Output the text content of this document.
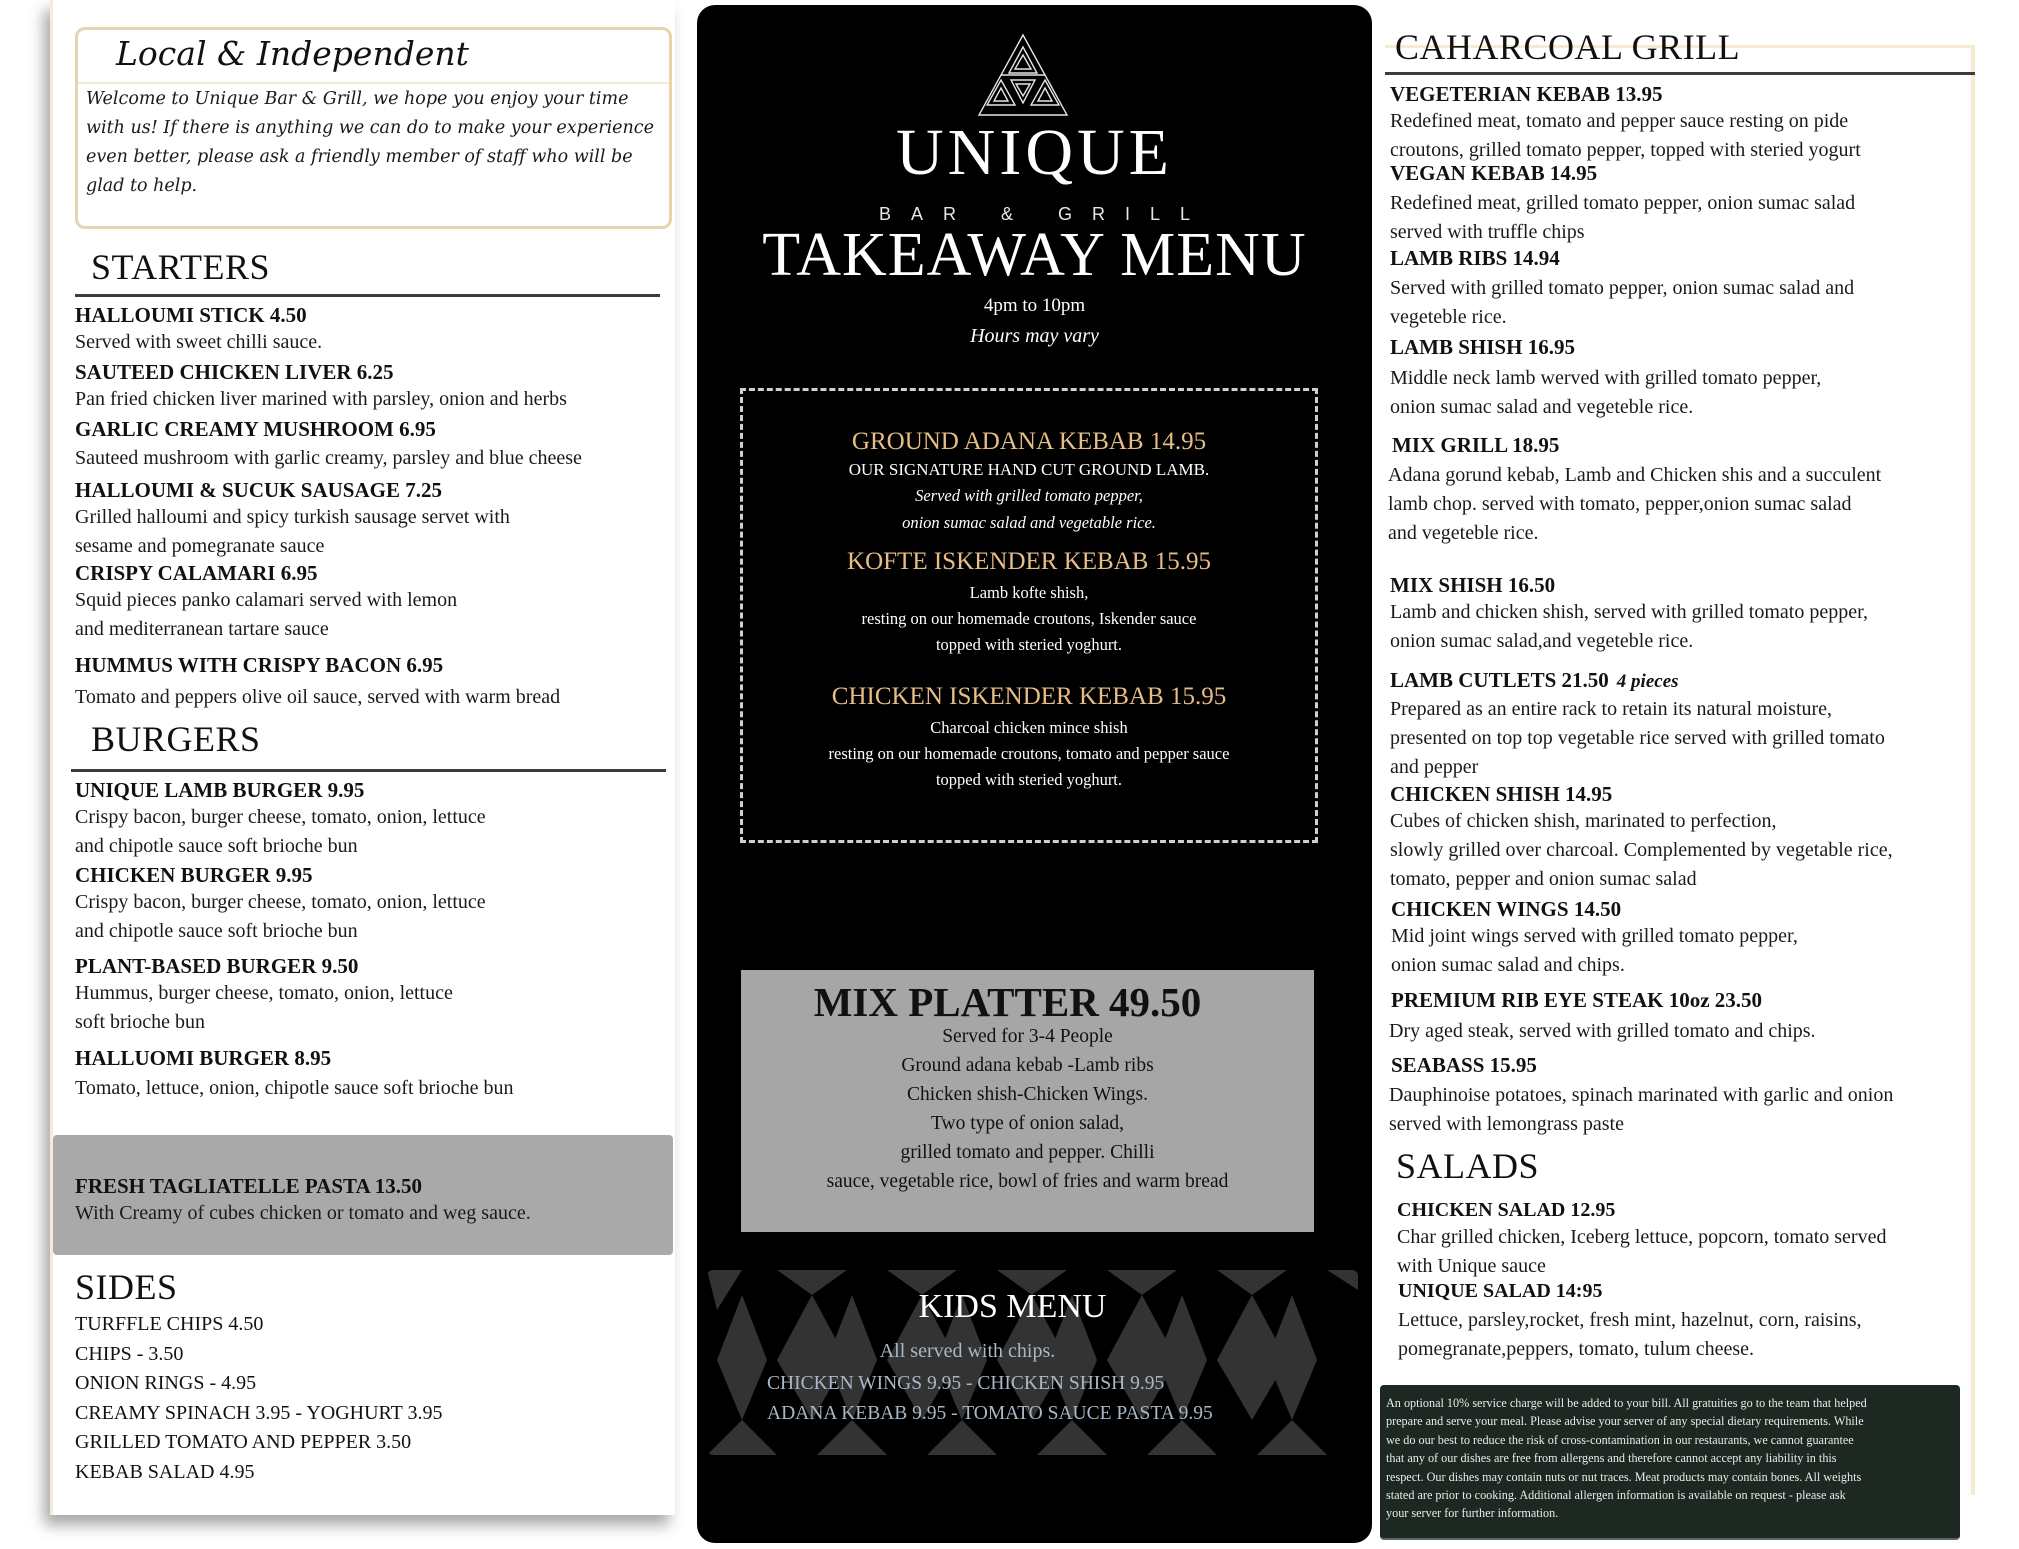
Local & Independent
Welcome to Unique Bar & Grill, we hope you enjoy your time with us! If there is anything we can do to make your experience even better, please ask a friendly member of staff who will be glad to help.
STARTERS
HALLOUMI STICK 4.50
Served with sweet chilli sauce.
SAUTEED CHICKEN LIVER 6.25
Pan fried chicken liver marined with parsley, onion and herbs
GARLIC CREAMY MUSHROOM 6.95
Sauteed mushroom with garlic creamy, parsley and blue cheese
HALLOUMI & SUCUK SAUSAGE 7.25
Grilled halloumi and spicy turkish sausage servet with
sesame and pomegranate sauce
CRISPY CALAMARI 6.95
Squid pieces panko calamari served with lemon
and mediterranean tartare sauce
HUMMUS WITH CRISPY BACON 6.95
Tomato and peppers olive oil sauce, served with warm bread
BURGERS
UNIQUE LAMB BURGER 9.95
Crispy bacon, burger cheese, tomato, onion, lettuce
and chipotle sauce soft brioche bun
CHICKEN BURGER 9.95
Crispy bacon, burger cheese, tomato, onion, lettuce
and chipotle sauce soft brioche bun
PLANT-BASED BURGER 9.50
Hummus, burger cheese, tomato, onion, lettuce
soft brioche bun
HALLUOMI BURGER 8.95
Tomato, lettuce, onion, chipotle sauce soft brioche bun
FRESH TAGLIATELLE PASTA 13.50
With Creamy of cubes chicken or tomato and weg sauce.
SIDES
TURFFLE CHIPS 4.50
CHIPS - 3.50
ONION RINGS - 4.95
CREAMY SPINACH 3.95 - YOGHURT 3.95
GRILLED TOMATO AND PEPPER 3.50
KEBAB SALAD 4.95
UNIQUE
BAR & GRILL
TAKEAWAY MENU
4pm to 10pm
Hours may vary
GROUND ADANA KEBAB 14.95
OUR SIGNATURE HAND CUT GROUND LAMB.
Served with grilled tomato pepper,
onion sumac salad and vegetable rice.
KOFTE ISKENDER KEBAB 15.95
Lamb kofte shish,
resting on our homemade croutons, Iskender sauce
topped with steried yoghurt.
CHICKEN ISKENDER KEBAB 15.95
Charcoal chicken mince shish
resting on our homemade croutons, tomato and pepper sauce
topped with steried yoghurt.
MIX PLATTER 49.50
Served for 3-4 People
Ground adana kebab -Lamb ribs
Chicken shish-Chicken Wings.
Two type of onion salad,
grilled tomato and pepper. Chilli
sauce, vegetable rice, bowl of fries and warm bread
KIDS MENU
All served with chips.
CHICKEN WINGS 9.95 - CHICKEN SHISH 9.95
ADANA KEBAB 9.95 - TOMATO SAUCE PASTA 9.95
CAHARCOAL GRILL
VEGETERIAN KEBAB 13.95
Redefined meat, tomato and pepper sauce resting on pide
croutons, grilled tomato pepper, topped with steried yogurt
VEGAN KEBAB 14.95
Redefined meat, grilled tomato pepper, onion sumac salad
served with truffle chips
LAMB RIBS 14.94
Served with grilled tomato pepper, onion sumac salad and
vegeteble rice.
LAMB SHISH 16.95
Middle neck lamb werved with grilled tomato pepper,
onion sumac salad and vegeteble rice.
MIX GRILL 18.95
Adana gorund kebab, Lamb and Chicken shis and a succulent
lamb chop. served with tomato, pepper,onion sumac salad
and vegeteble rice.
MIX SHISH 16.50
Lamb and chicken shish, served with grilled tomato pepper,
onion sumac salad,and vegeteble rice.
LAMB CUTLETS 21.50 4 pieces
Prepared as an entire rack to retain its natural moisture,
presented on top top vegetable rice served with grilled tomato
and pepper
CHICKEN SHISH 14.95
Cubes of chicken shish, marinated to perfection,
slowly grilled over charcoal. Complemented by vegetable rice,
tomato, pepper and onion sumac salad
CHICKEN WINGS 14.50
Mid joint wings served with grilled tomato pepper,
onion sumac salad and chips.
PREMIUM RIB EYE STEAK 10oz 23.50
Dry aged steak, served with grilled tomato and chips.
SEABASS 15.95
Dauphinoise potatoes, spinach marinated with garlic and onion
served with lemongrass paste
SALADS
CHICKEN SALAD 12.95
Char grilled chicken, Iceberg lettuce, popcorn, tomato served
with Unique sauce
UNIQUE SALAD 14:95
Lettuce, parsley,rocket, fresh mint, hazelnut, corn, raisins,
pomegranate,peppers, tomato, tulum cheese.
An optional 10% service charge will be added to your bill. All gratuities go to the team that helped
prepare and serve your meal. Please advise your server of any special dietary requirements. While
we do our best to reduce the risk of cross-contamination in our restaurants, we cannot guarantee
that any of our dishes are free from allergens and therefore cannot accept any liability in this
respect. Our dishes may contain nuts or nut traces. Meat products may contain bones. All weights
stated are prior to cooking. Additional allergen information is available on request - please ask
your server for further information.
